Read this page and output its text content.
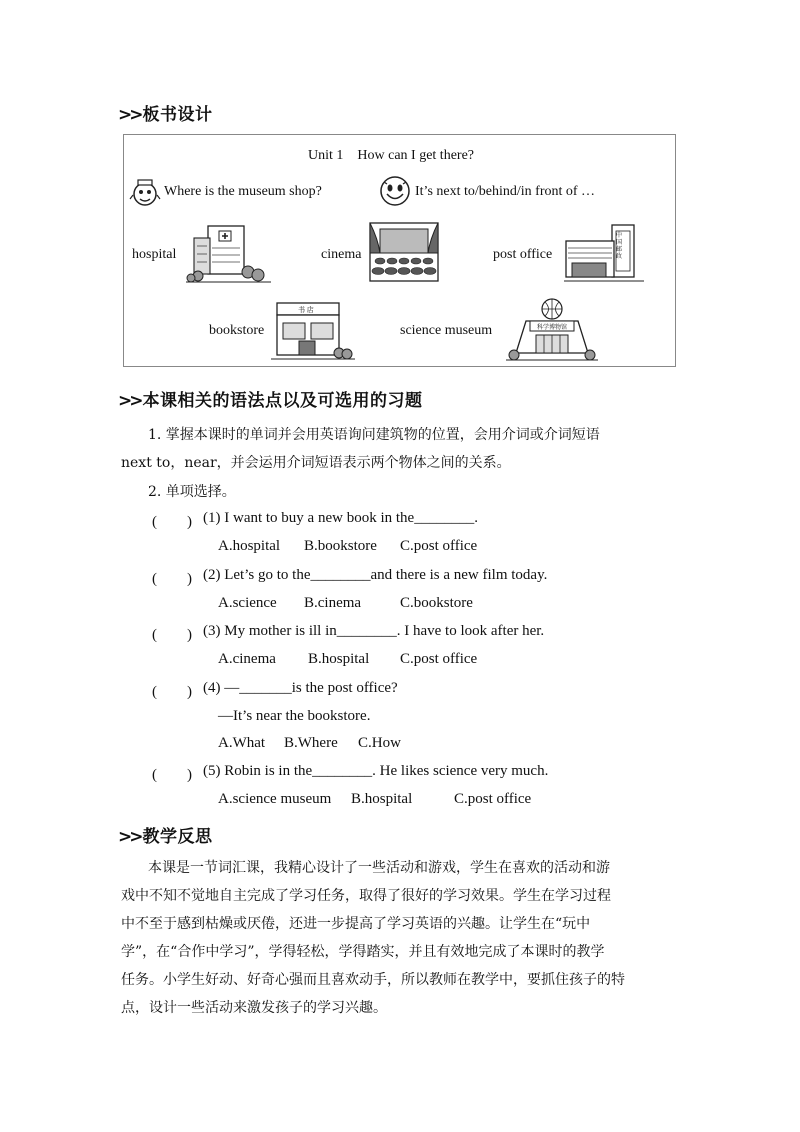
>> 板书设计
Unit 1　How can I get there?
Where is the museum shop?	It’s next to/behind/in front of …
hospital	cinema	post office
中 国 邮 政
bookstore
书 店
science museum	科学博物馆
>> 本课相关的语法点以及可选用的习题
1. 掌握本课时的单词并会用英语询问建筑物的位置，会用介词或介词短语
next to，near，并会运用介词短语表示两个物体之间的关系。
2. 单项选择。
(　　) (1) I want to buy a new book in the________.
A.hospital B.bookstore C.post office
(　　) (2) Let’s go to the________and there is a new film today.
A.science B.cinema	C.bookstore
(　　) (3) My mother is ill in________. I have to look after her.
A.cinema B.hospital C.post office
(　　) (4) —_______is the post office?
—It’s near the bookstore.
A.What B.Where C.How
(　　) (5) Robin is in the________. He likes science very much.
A.science museum B.hospital	C.post office
>> 教学反思
本课是一节词汇课，我精心设计了一些活动和游戏，学生在喜欢的活动和游
戏中不知不觉地自主完成了学习任务，取得了很好的学习效果。学生在学习过程
中不至于感到枯燥或厌倦，还进一步提高了学习英语的兴趣。让学生在“玩中
学”，在“合作中学习”，学得轻松，学得踏实，并且有效地完成了本课时的教学
任务。小学生好动、好奇心强而且喜欢动手，所以教师在教学中，要抓住孩子的特
点，设计一些活动来激发孩子的学习兴趣。
